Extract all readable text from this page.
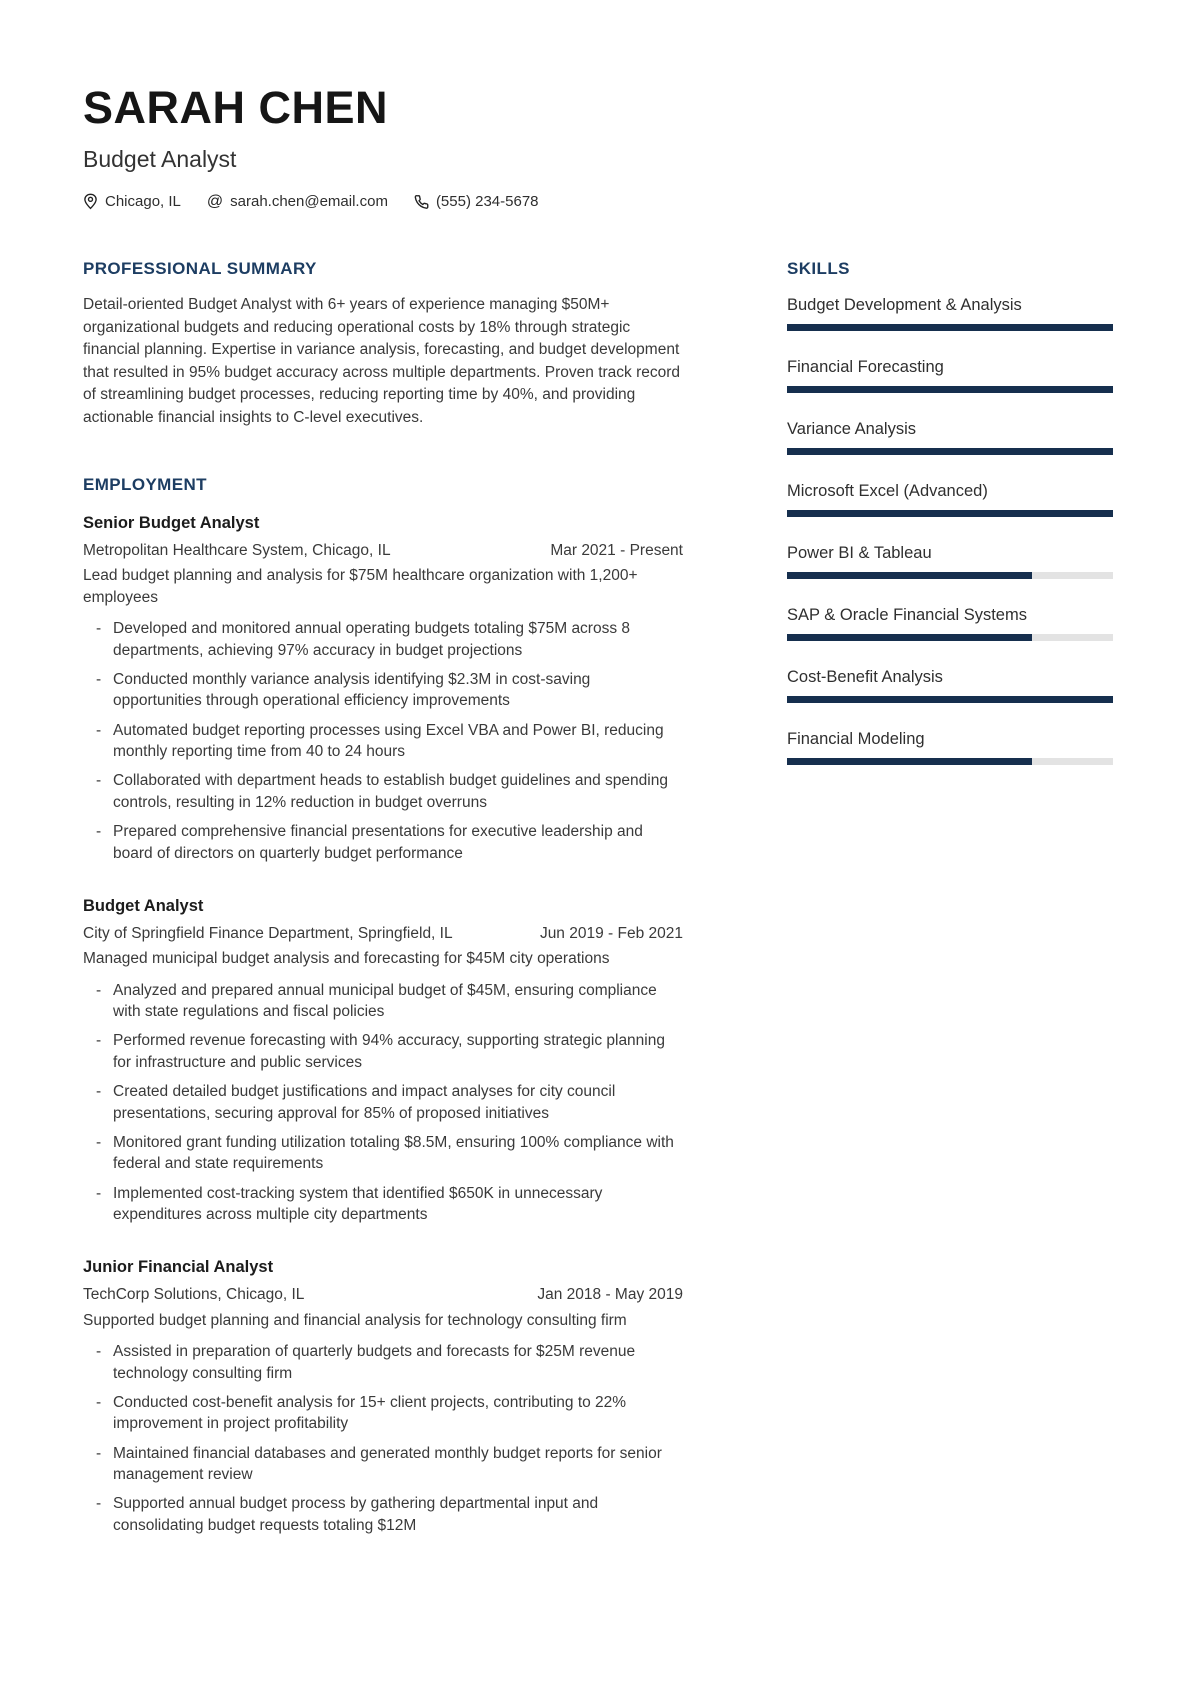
SARAH CHEN
Budget Analyst
Chicago, IL @ sarah.chen@email.com	(555) 234-5678
PROFESSIONAL SUMMARY

Detail-oriented Budget Analyst with 6+ years of experience managing $50M+ organizational budgets and reducing operational costs by 18% through strategic financial planning. Expertise in variance analysis, forecasting, and budget development that resulted in 95% budget accuracy across multiple departments. Proven track record of streamlining budget processes, reducing reporting time by 40%, and providing actionable financial insights to C-level executives.

EMPLOYMENT
Senior Budget Analyst
Metropolitan Healthcare System, Chicago, IL	Mar 2021 - Present

Lead budget planning and analysis for $75M healthcare organization with 1,200+ employees

- Developed and monitored annual operating budgets totaling $75M across 8 departments, achieving 97% accuracy in budget projections
- Conducted monthly variance analysis identifying $2.3M in cost-saving opportunities through operational efficiency improvements
- Automated budget reporting processes using Excel VBA and Power BI, reducing monthly reporting time from 40 to 24 hours
- Collaborated with department heads to establish budget guidelines and spending controls, resulting in 12% reduction in budget overruns
- Prepared comprehensive financial presentations for executive leadership and board of directors on quarterly budget performance
Budget Analyst
City of Springfield Finance Department, Springfield, IL	Jun 2019 - Feb 2021

Managed municipal budget analysis and forecasting for $45M city operations

- Analyzed and prepared annual municipal budget of $45M, ensuring compliance with state regulations and fiscal policies
- Performed revenue forecasting with 94% accuracy, supporting strategic planning for infrastructure and public services
- Created detailed budget justifications and impact analyses for city council presentations, securing approval for 85% of proposed initiatives
- Monitored grant funding utilization totaling $8.5M, ensuring 100% compliance with federal and state requirements
- Implemented cost-tracking system that identified $650K in unnecessary expenditures across multiple city departments
Junior Financial Analyst
TechCorp Solutions, Chicago, IL	Jan 2018 - May 2019

Supported budget planning and financial analysis for technology consulting firm

- Assisted in preparation of quarterly budgets and forecasts for $25M revenue technology consulting firm
- Conducted cost-benefit analysis for 15+ client projects, contributing to 22% improvement in project profitability
- Maintained financial databases and generated monthly budget reports for senior management review
- Supported annual budget process by gathering departmental input and consolidating budget requests totaling $12M
SKILLS
Budget Development & Analysis
Financial Forecasting
Variance Analysis
Microsoft Excel (Advanced)
Power BI & Tableau
SAP & Oracle Financial Systems
Cost-Benefit Analysis
Financial Modeling
